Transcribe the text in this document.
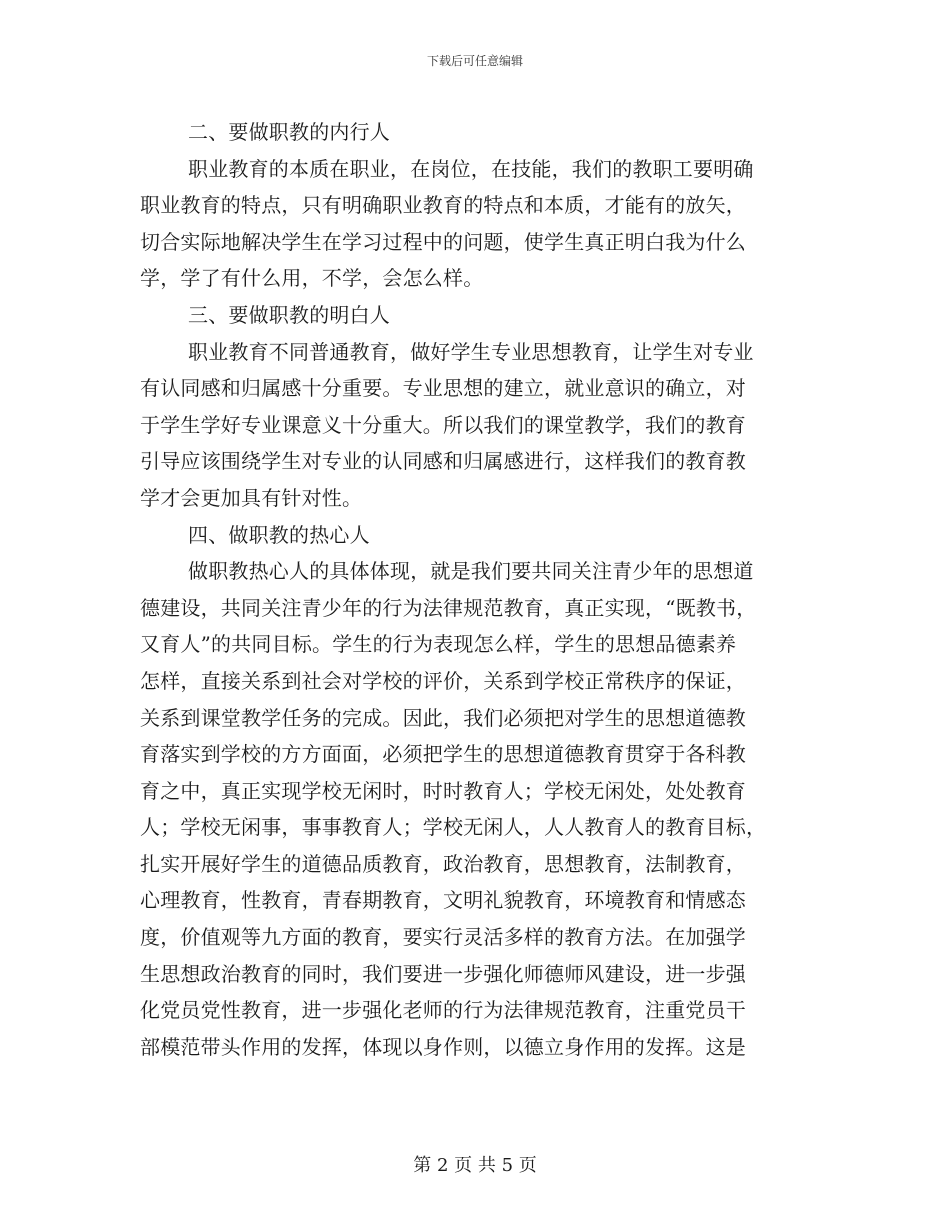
下载后可任意编辑
二、要做职教的内行人
职业教育的本质在职业，在岗位，在技能，我们的教职工要明确
职业教育的特点，只有明确职业教育的特点和本质，才能有的放矢，
切合实际地解决学生在学习过程中的问题，使学生真正明白我为什么
学，学了有什么用，不学，会怎么样。
三、要做职教的明白人
职业教育不同普通教育，做好学生专业思想教育，让学生对专业
有认同感和归属感十分重要。专业思想的建立，就业意识的确立，对
于学生学好专业课意义十分重大。所以我们的课堂教学，我们的教育
引导应该围绕学生对专业的认同感和归属感进行，这样我们的教育教
学才会更加具有针对性。
四、做职教的热心人
做职教热心人的具体体现，就是我们要共同关注青少年的思想道
德建设，共同关注青少年的行为法律规范教育，真正实现，“既教书，
又育人”的共同目标。学生的行为表现怎么样，学生的思想品德素养
怎样，直接关系到社会对学校的评价，关系到学校正常秩序的保证，
关系到课堂教学任务的完成。因此，我们必须把对学生的思想道德教
育落实到学校的方方面面，必须把学生的思想道德教育贯穿于各科教
育之中，真正实现学校无闲时，时时教育人；学校无闲处，处处教育
人；学校无闲事，事事教育人；学校无闲人，人人教育人的教育目标，
扎实开展好学生的道德品质教育，政治教育，思想教育，法制教育，
心理教育，性教育，青春期教育，文明礼貌教育，环境教育和情感态
度，价值观等九方面的教育，要实行灵活多样的教育方法。在加强学
生思想政治教育的同时，我们要进一步强化师德师风建设，进一步强
化党员党性教育，进一步强化老师的行为法律规范教育，注重党员干
部模范带头作用的发挥，体现以身作则，以德立身作用的发挥。这是
第 2 页 共 5 页
